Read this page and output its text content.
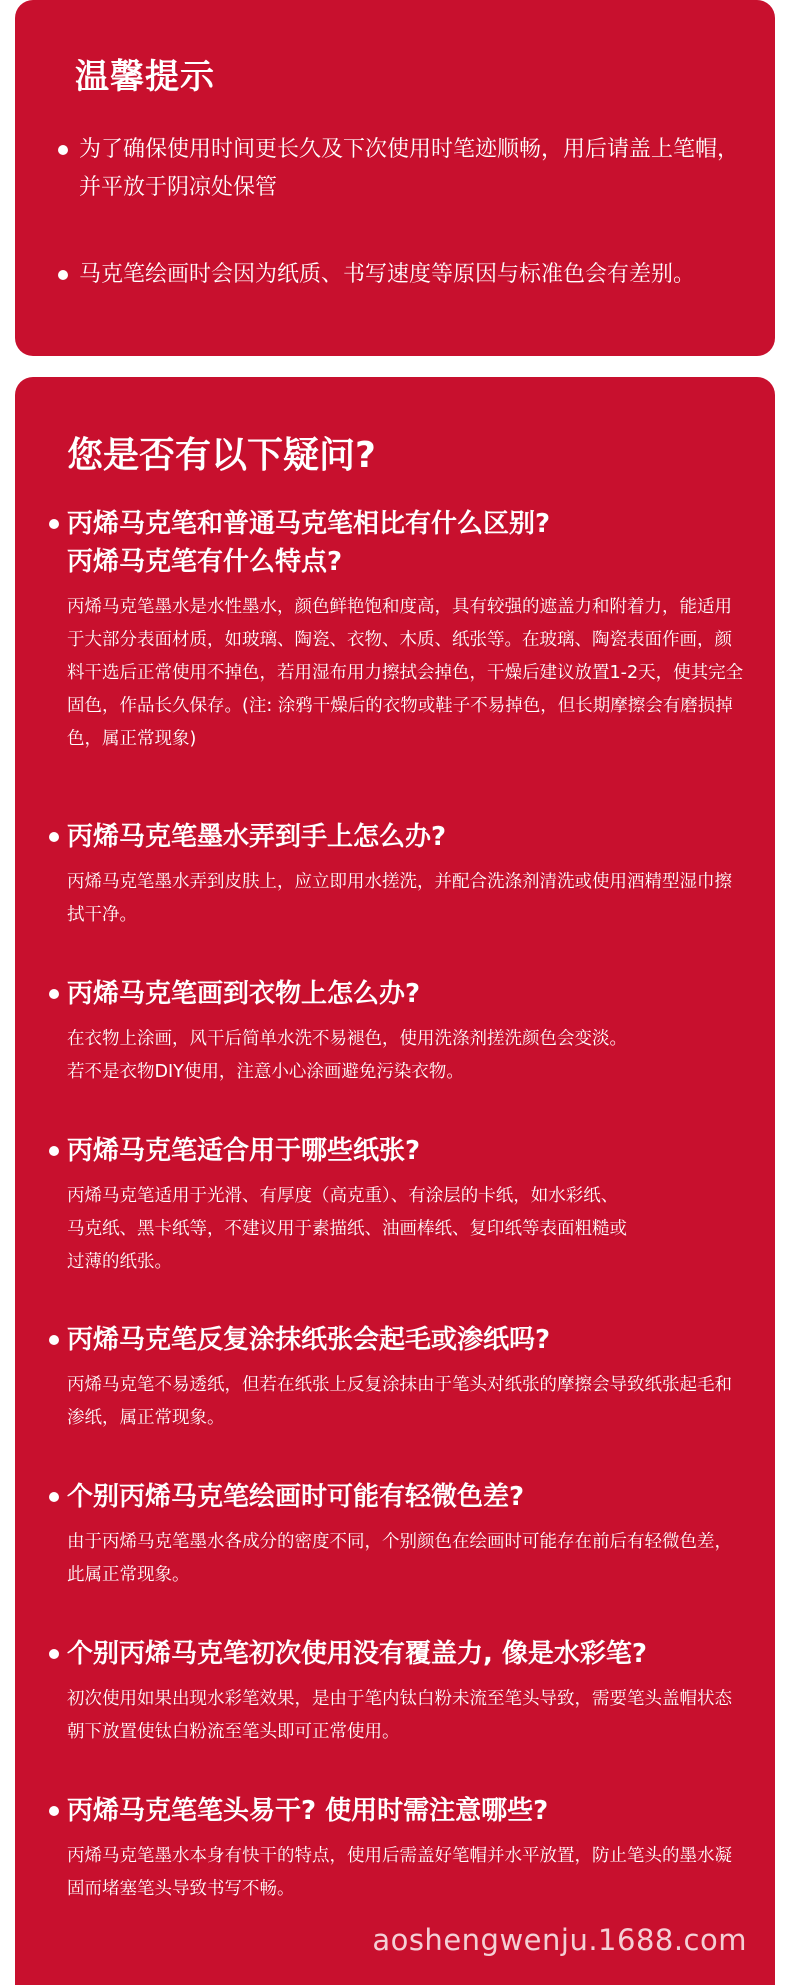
温馨提示
为了确保使用时间更长久及下次使用时笔迹顺畅，用后请盖上笔帽，并平放于阴凉处保管
马克笔绘画时会因为纸质、书写速度等原因与标准色会有差别。
您是否有以下疑问?
丙烯马克笔和普通马克笔相比有什么区别?
丙烯马克笔有什么特点?
丙烯马克笔墨水是水性墨水，颜色鲜艳饱和度高，具有较强的遮盖力和附着力，能适用于大部分表面材质，如玻璃、陶瓷、衣物、木质、纸张等。在玻璃、陶瓷表面作画，颜料干选后正常使用不掉色，若用湿布用力擦拭会掉色，干燥后建议放置1-2天，使其完全固色，作品长久保存。(注: 涂鸦干燥后的衣物或鞋子不易掉色，但长期摩擦会有磨损掉色，属正常现象)
丙烯马克笔墨水弄到手上怎么办?
丙烯马克笔墨水弄到皮肤上，应立即用水搓洗，并配合洗涤剂清洗或使用酒精型湿巾擦拭干净。
丙烯马克笔画到衣物上怎么办?
在衣物上涂画，风干后简单水洗不易褪色，使用洗涤剂搓洗颜色会变淡。
若不是衣物DIY使用，注意小心涂画避免污染衣物。
丙烯马克笔适合用于哪些纸张?
丙烯马克笔适用于光滑、有厚度（高克重）、有涂层的卡纸，如水彩纸、
马克纸、黑卡纸等，不建议用于素描纸、油画棒纸、复印纸等表面粗糙或
过薄的纸张。
丙烯马克笔反复涂抹纸张会起毛或渗纸吗?
丙烯马克笔不易透纸，但若在纸张上反复涂抹由于笔头对纸张的摩擦会导致纸张起毛和渗纸，属正常现象。
个别丙烯马克笔绘画时可能有轻微色差?
由于丙烯马克笔墨水各成分的密度不同，个别颜色在绘画时可能存在前后有轻微色差，此属正常现象。
个别丙烯马克笔初次使用没有覆盖力, 像是水彩笔?
初次使用如果出现水彩笔效果，是由于笔内钛白粉未流至笔头导致，需要笔头盖帽状态朝下放置使钛白粉流至笔头即可正常使用。
丙烯马克笔笔头易干? 使用时需注意哪些?
丙烯马克笔墨水本身有快干的特点，使用后需盖好笔帽并水平放置，防止笔头的墨水凝固而堵塞笔头导致书写不畅。
aoshengwenju.1688.com
